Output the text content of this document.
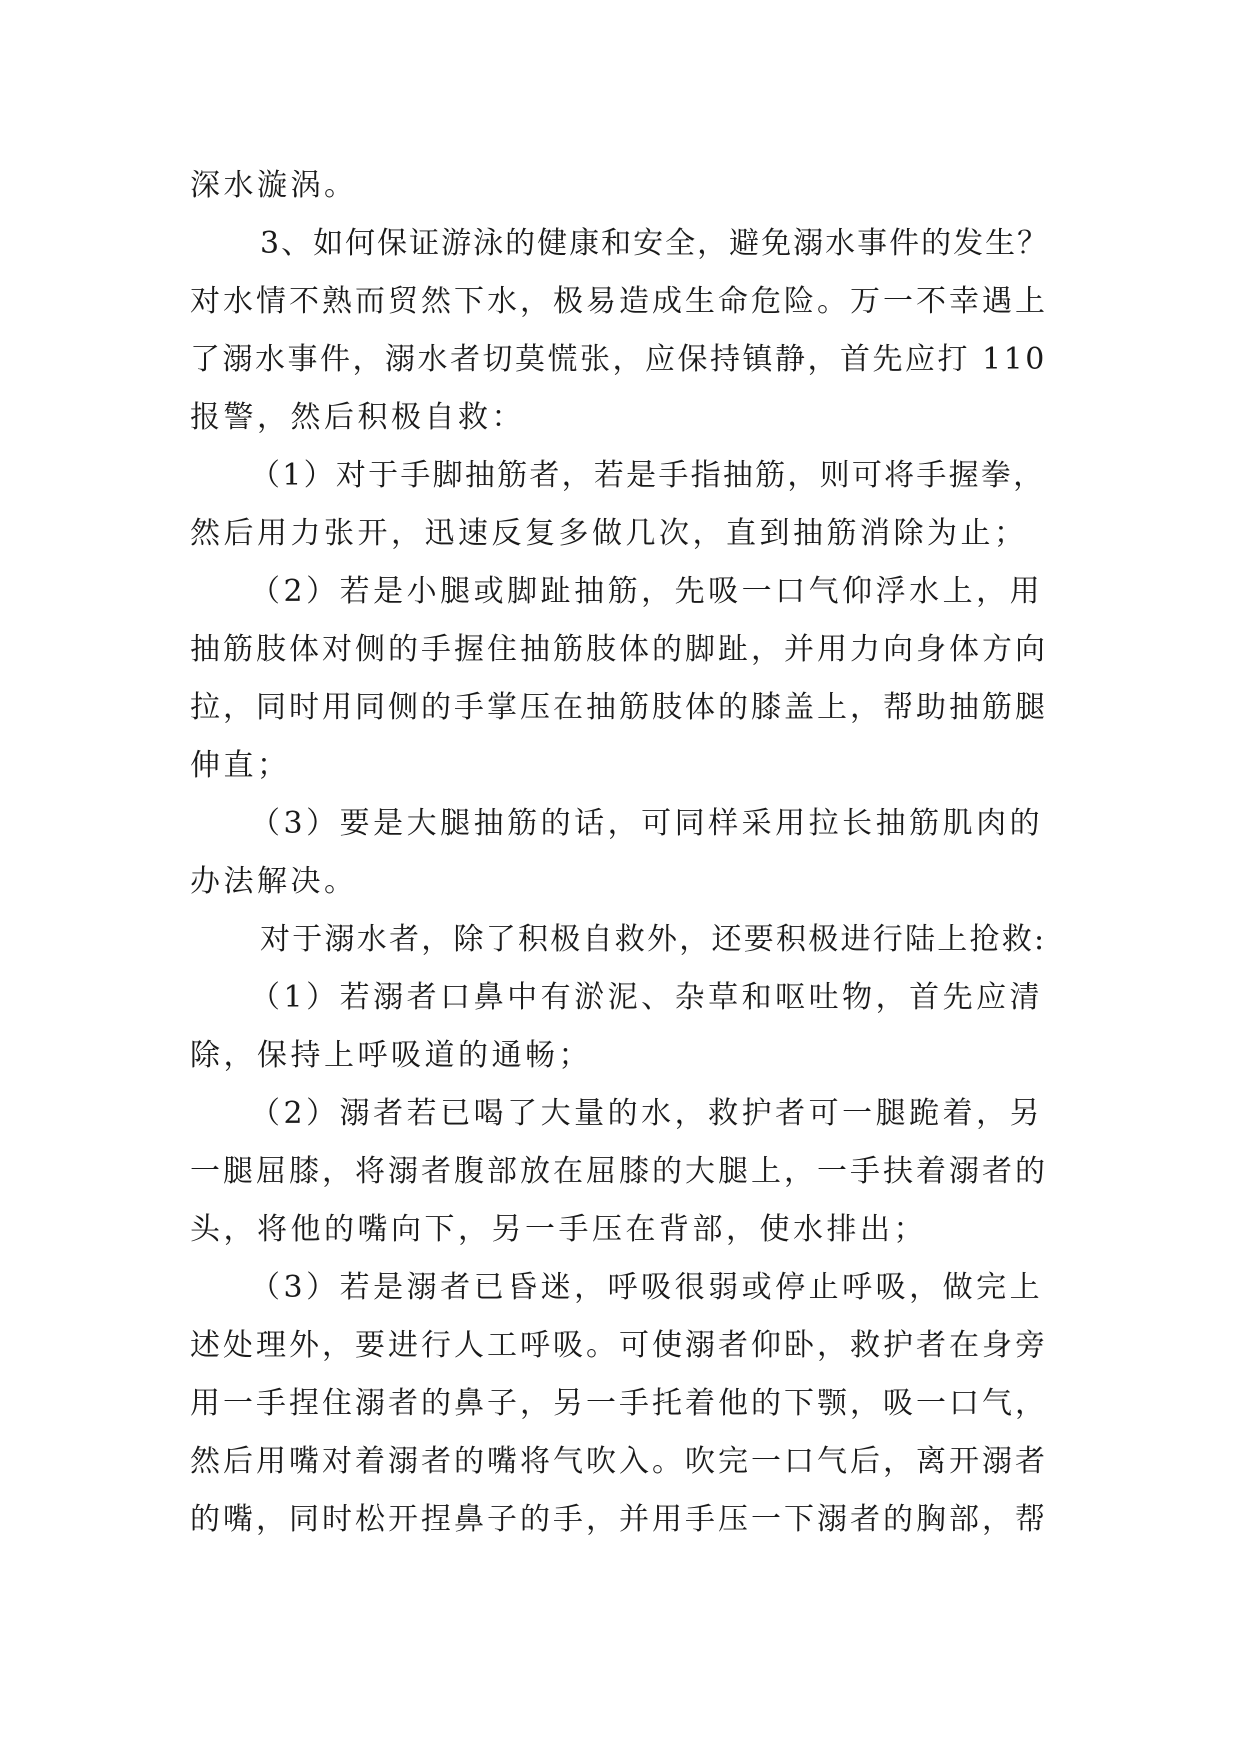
深水漩涡。
3、如何保证游泳的健康和安全，避免溺水事件的发生？
对水情不熟而贸然下水，极易造成生命危险。万一不幸遇上
了溺水事件，溺水者切莫慌张，应保持镇静，首先应打 110
报警，然后积极自救：
（1）对于手脚抽筋者，若是手指抽筋，则可将手握拳，
然后用力张开，迅速反复多做几次，直到抽筋消除为止；
（2）若是小腿或脚趾抽筋，先吸一口气仰浮水上，用
抽筋肢体对侧的手握住抽筋肢体的脚趾，并用力向身体方向
拉，同时用同侧的手掌压在抽筋肢体的膝盖上，帮助抽筋腿
伸直；
（3）要是大腿抽筋的话，可同样采用拉长抽筋肌肉的
办法解决。
对于溺水者，除了积极自救外，还要积极进行陆上抢救:
（1）若溺者口鼻中有淤泥、杂草和呕吐物，首先应清
除，保持上呼吸道的通畅；
（2）溺者若已喝了大量的水，救护者可一腿跪着，另
一腿屈膝，将溺者腹部放在屈膝的大腿上，一手扶着溺者的
头，将他的嘴向下，另一手压在背部，使水排出；
（3）若是溺者已昏迷，呼吸很弱或停止呼吸，做完上
述处理外，要进行人工呼吸。可使溺者仰卧，救护者在身旁
用一手捏住溺者的鼻子，另一手托着他的下颚，吸一口气，
然后用嘴对着溺者的嘴将气吹入。吹完一口气后，离开溺者
的嘴，同时松开捏鼻子的手，并用手压一下溺者的胸部，帮
